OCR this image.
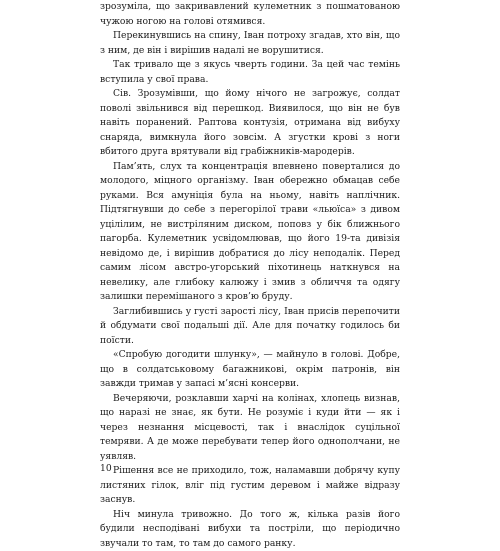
зрозуміла, що закривавлений кулеметник з пошматованою чужою ногою на голові отямився.

Перекинувшись на спину, Іван потроху згадав, хто він, що з ним, де він і вирішив надалі не ворушитися.

Так тривало ще з якусь чверть години. За цей час темінь вступила у свої права.

Сів. Зрозумівши, що йому нічого не загрожує, солдат поволі звільнився від перешкод. Виявилося, що він не був навіть поранений. Раптова контузія, отримана від вибуху снаряда, вимкнула його зовсім. А згустки крові з ноги вбитого друга врятували від грабіжників-мародерів.

Пам’ять, слух та концентрація впевнено поверталися до молодого, міцного організму. Іван обережно обмацав себе руками. Вся амуніція була на ньому, навіть наплічник. Підтягнувши до себе з перегорілої трави «льюїса» з дивом уцілілим, не вистріляним диском, поповз у бік ближнього пагорба. Кулеметник усвідомлював, що його 19-та дивізія невідомо де, і вирішив добратися до лісу неподалік. Перед самим лісом австро-угорський піхотинець наткнувся на невелику, але глибоку калюжу і змив з обличчя та одягу залишки перемішаного з кров’ю бруду.

Заглибившись у густі зарості лісу, Іван присів перепочити й обдумати свої подальші дії. Але для початку годилось би поїсти.

«Спробую догодити шлунку», — майнуло в голові. Добре, що в солдатськовому багажникові, окрім патронів, він завжди тримав у запасі м’ясні консерви.

Вечеряючи, розклавши харчі на колінах, хлопець визнав, що наразі не знає, як бути. Не розуміє і куди йти — як і через незнання місцевості, так і внаслідок суцільної темряви. А де може перебувати тепер його однополчани, не уявляв.

Рішення все не приходило, тож, наламавши добрячу купу листяних гілок, вліг під густим деревом і майже відразу заснув.

Ніч минула тривожно. До того ж, кілька разів його будили несподівані вибухи та постріли, що періодично звучали то там, то там до самого ранку.

10
